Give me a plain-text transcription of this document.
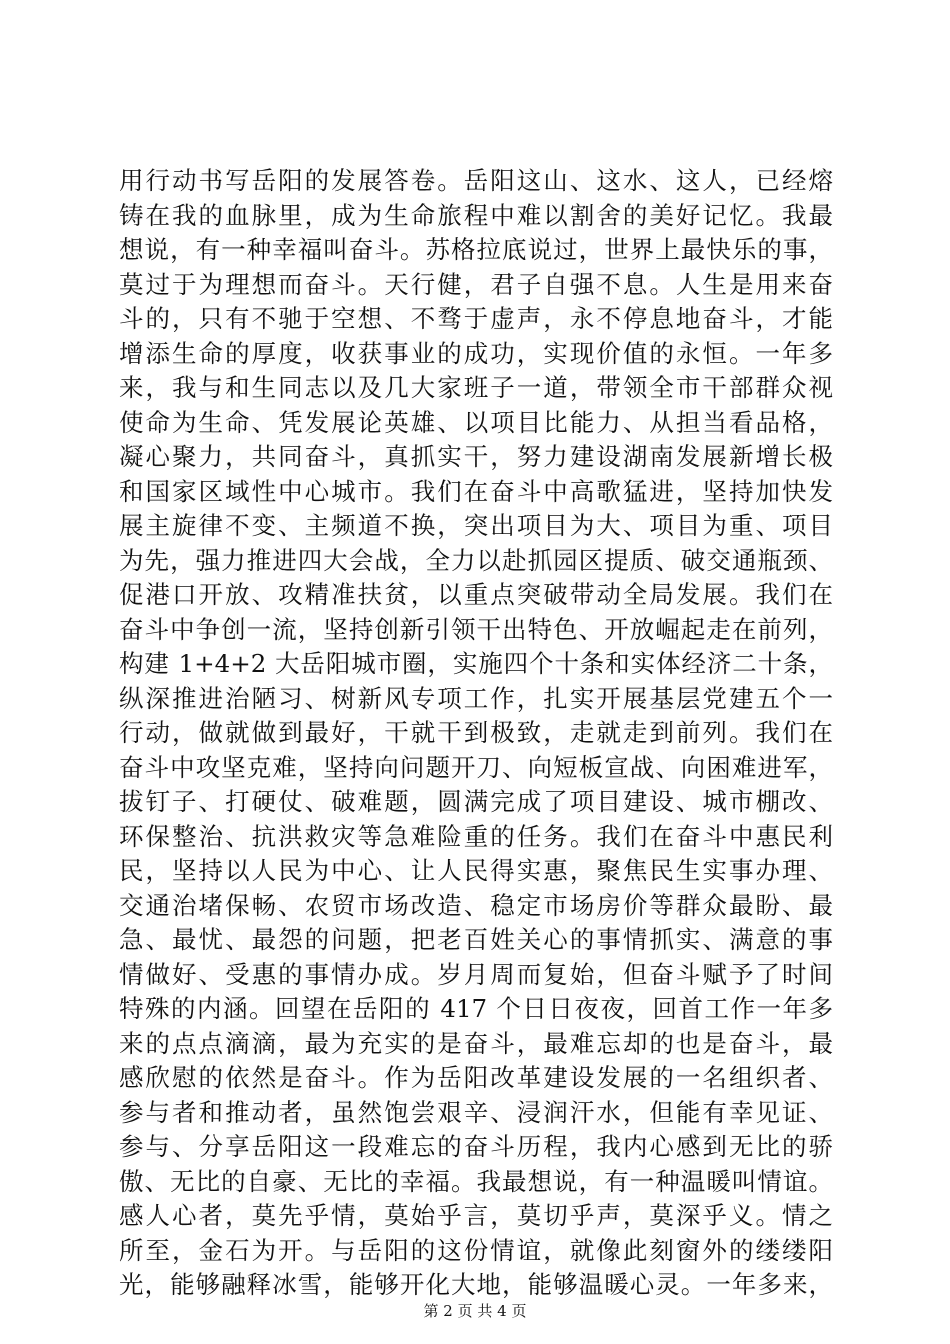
用行动书写岳阳的发展答卷。岳阳这山、这水、这人，已经熔
铸在我的血脉里，成为生命旅程中难以割舍的美好记忆。我最
想说，有一种幸福叫奋斗。苏格拉底说过，世界上最快乐的事，
莫过于为理想而奋斗。天行健，君子自强不息。人生是用来奋
斗的，只有不驰于空想、不骛于虚声，永不停息地奋斗，才能
增添生命的厚度，收获事业的成功，实现价值的永恒。一年多
来，我与和生同志以及几大家班子一道，带领全市干部群众视
使命为生命、凭发展论英雄、以项目比能力、从担当看品格，
凝心聚力，共同奋斗，真抓实干，努力建设湖南发展新增长极
和国家区域性中心城市。我们在奋斗中高歌猛进，坚持加快发
展主旋律不变、主频道不换，突出项目为大、项目为重、项目
为先，强力推进四大会战，全力以赴抓园区提质、破交通瓶颈、
促港口开放、攻精准扶贫，以重点突破带动全局发展。我们在
奋斗中争创一流，坚持创新引领干出特色、开放崛起走在前列，
构建 1+4+2 大岳阳城市圈，实施四个十条和实体经济二十条，
纵深推进治陋习、树新风专项工作，扎实开展基层党建五个一
行动，做就做到最好，干就干到极致，走就走到前列。我们在
奋斗中攻坚克难，坚持向问题开刀、向短板宣战、向困难进军，
拔钉子、打硬仗、破难题，圆满完成了项目建设、城市棚改、
环保整治、抗洪救灾等急难险重的任务。我们在奋斗中惠民利
民，坚持以人民为中心、让人民得实惠，聚焦民生实事办理、
交通治堵保畅、农贸市场改造、稳定市场房价等群众最盼、最
急、最忧、最怨的问题，把老百姓关心的事情抓实、满意的事
情做好、受惠的事情办成。岁月周而复始，但奋斗赋予了时间
特殊的内涵。回望在岳阳的 417 个日日夜夜，回首工作一年多
来的点点滴滴，最为充实的是奋斗，最难忘却的也是奋斗，最
感欣慰的依然是奋斗。作为岳阳改革建设发展的一名组织者、
参与者和推动者，虽然饱尝艰辛、浸润汗水，但能有幸见证、
参与、分享岳阳这一段难忘的奋斗历程，我内心感到无比的骄
傲、无比的自豪、无比的幸福。我最想说，有一种温暖叫情谊。
感人心者，莫先乎情，莫始乎言，莫切乎声，莫深乎义。情之
所至，金石为开。与岳阳的这份情谊，就像此刻窗外的缕缕阳
光，能够融释冰雪，能够开化大地，能够温暖心灵。一年多来，
第 2 页 共 4 页
